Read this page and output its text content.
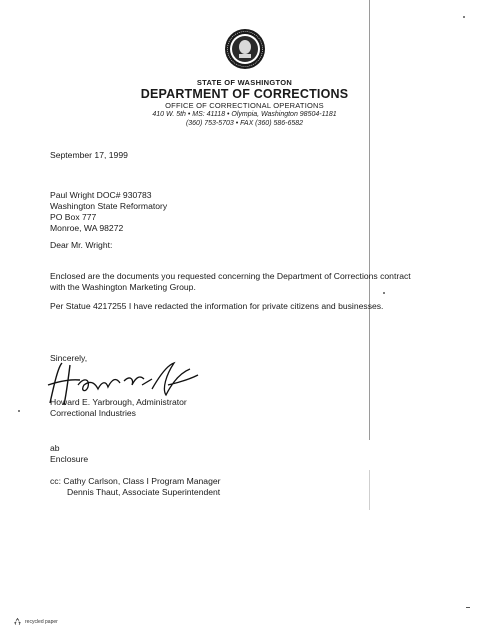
STATE OF WASHINGTON
DEPARTMENT OF CORRECTIONS
OFFICE OF CORRECTIONAL OPERATIONS
410 W. 5th • MS: 41118 • Olympia, Washington 98504-1181
(360) 753-5703 • FAX (360) 586-6582
September 17, 1999
Paul Wright DOC# 930783
Washington State Reformatory
PO Box 777
Monroe, WA 98272
Dear Mr. Wright:
Enclosed are the documents you requested concerning the Department of Corrections contract
with the Washington Marketing Group.
Per Statue 4217255 I have redacted the information for private citizens and businesses.
Sincerely,
Howard E. Yarbrough, Administrator
Correctional Industries
ab
Enclosure
cc: Cathy Carlson, Class I Program Manager
Dennis Thaut, Associate Superintendent
recycled paper
